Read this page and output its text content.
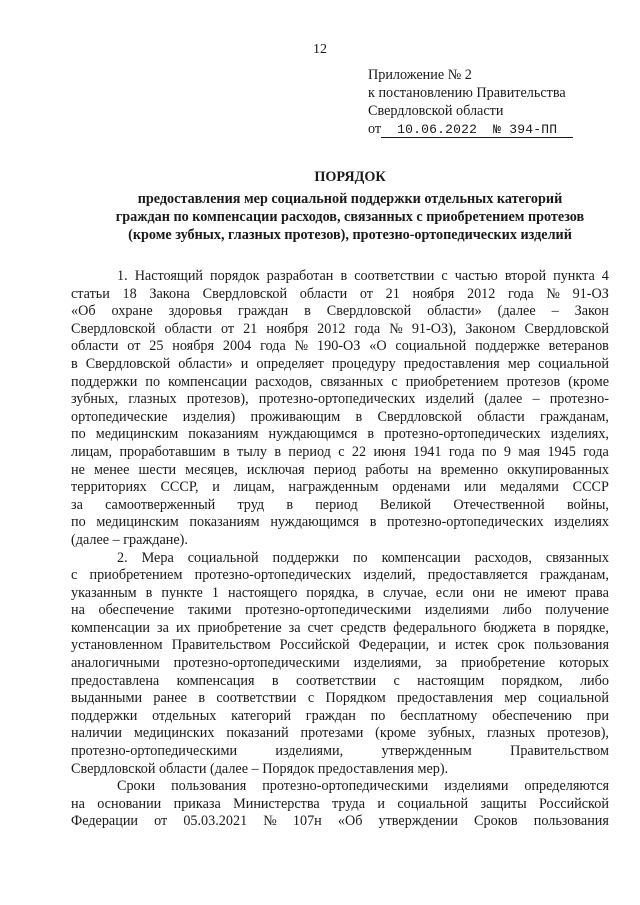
12
Приложение № 2
к постановлению Правительства
Свердловской области
от 10.06.2022 № 394-ПП
ПОРЯДОК
предоставления мер социальной поддержки отдельных категорий
граждан по компенсации расходов, связанных с приобретением протезов
(кроме зубных, глазных протезов), протезно-ортопедических изделий
1. Настоящий порядок разработан в соответствии с частью второй пункта 4
статьи 18 Закона Свердловской области от 21 ноября 2012 года № 91-ОЗ
«Об охране здоровья граждан в Свердловской области» (далее – Закон
Свердловской области от 21 ноября 2012 года № 91-ОЗ), Законом Свердловской
области от 25 ноября 2004 года № 190-ОЗ «О социальной поддержке ветеранов
в Свердловской области» и определяет процедуру предоставления мер социальной
поддержки по компенсации расходов, связанных с приобретением протезов (кроме
зубных, глазных протезов), протезно-ортопедических изделий (далее – протезно-
ортопедические изделия) проживающим в Свердловской области гражданам,
по медицинским показаниям нуждающимся в протезно-ортопедических изделиях,
лицам, проработавшим в тылу в период с 22 июня 1941 года по 9 мая 1945 года
не менее шести месяцев, исключая период работы на временно оккупированных
территориях СССР, и лицам, награжденным орденами или медалями СССР
за самоотверженный труд в период Великой Отечественной войны,
по медицинским показаниям нуждающимся в протезно-ортопедических изделиях
(далее – граждане).
2. Мера социальной поддержки по компенсации расходов, связанных
с приобретением протезно-ортопедических изделий, предоставляется гражданам,
указанным в пункте 1 настоящего порядка, в случае, если они не имеют права
на обеспечение такими протезно-ортопедическими изделиями либо получение
компенсации за их приобретение за счет средств федерального бюджета в порядке,
установленном Правительством Российской Федерации, и истек срок пользования
аналогичными протезно-ортопедическими изделиями, за приобретение которых
предоставлена компенсация в соответствии с настоящим порядком, либо
выданными ранее в соответствии с Порядком предоставления мер социальной
поддержки отдельных категорий граждан по бесплатному обеспечению при
наличии медицинских показаний протезами (кроме зубных, глазных протезов),
протезно-ортопедическими	изделиями,	утвержденным	Правительством
Свердловской области (далее – Порядок предоставления мер).
Сроки пользования протезно-ортопедическими изделиями определяются
на основании приказа Министерства труда и социальной защиты Российской
Федерации от 05.03.2021 № 107н «Об утверждении Сроков пользования
